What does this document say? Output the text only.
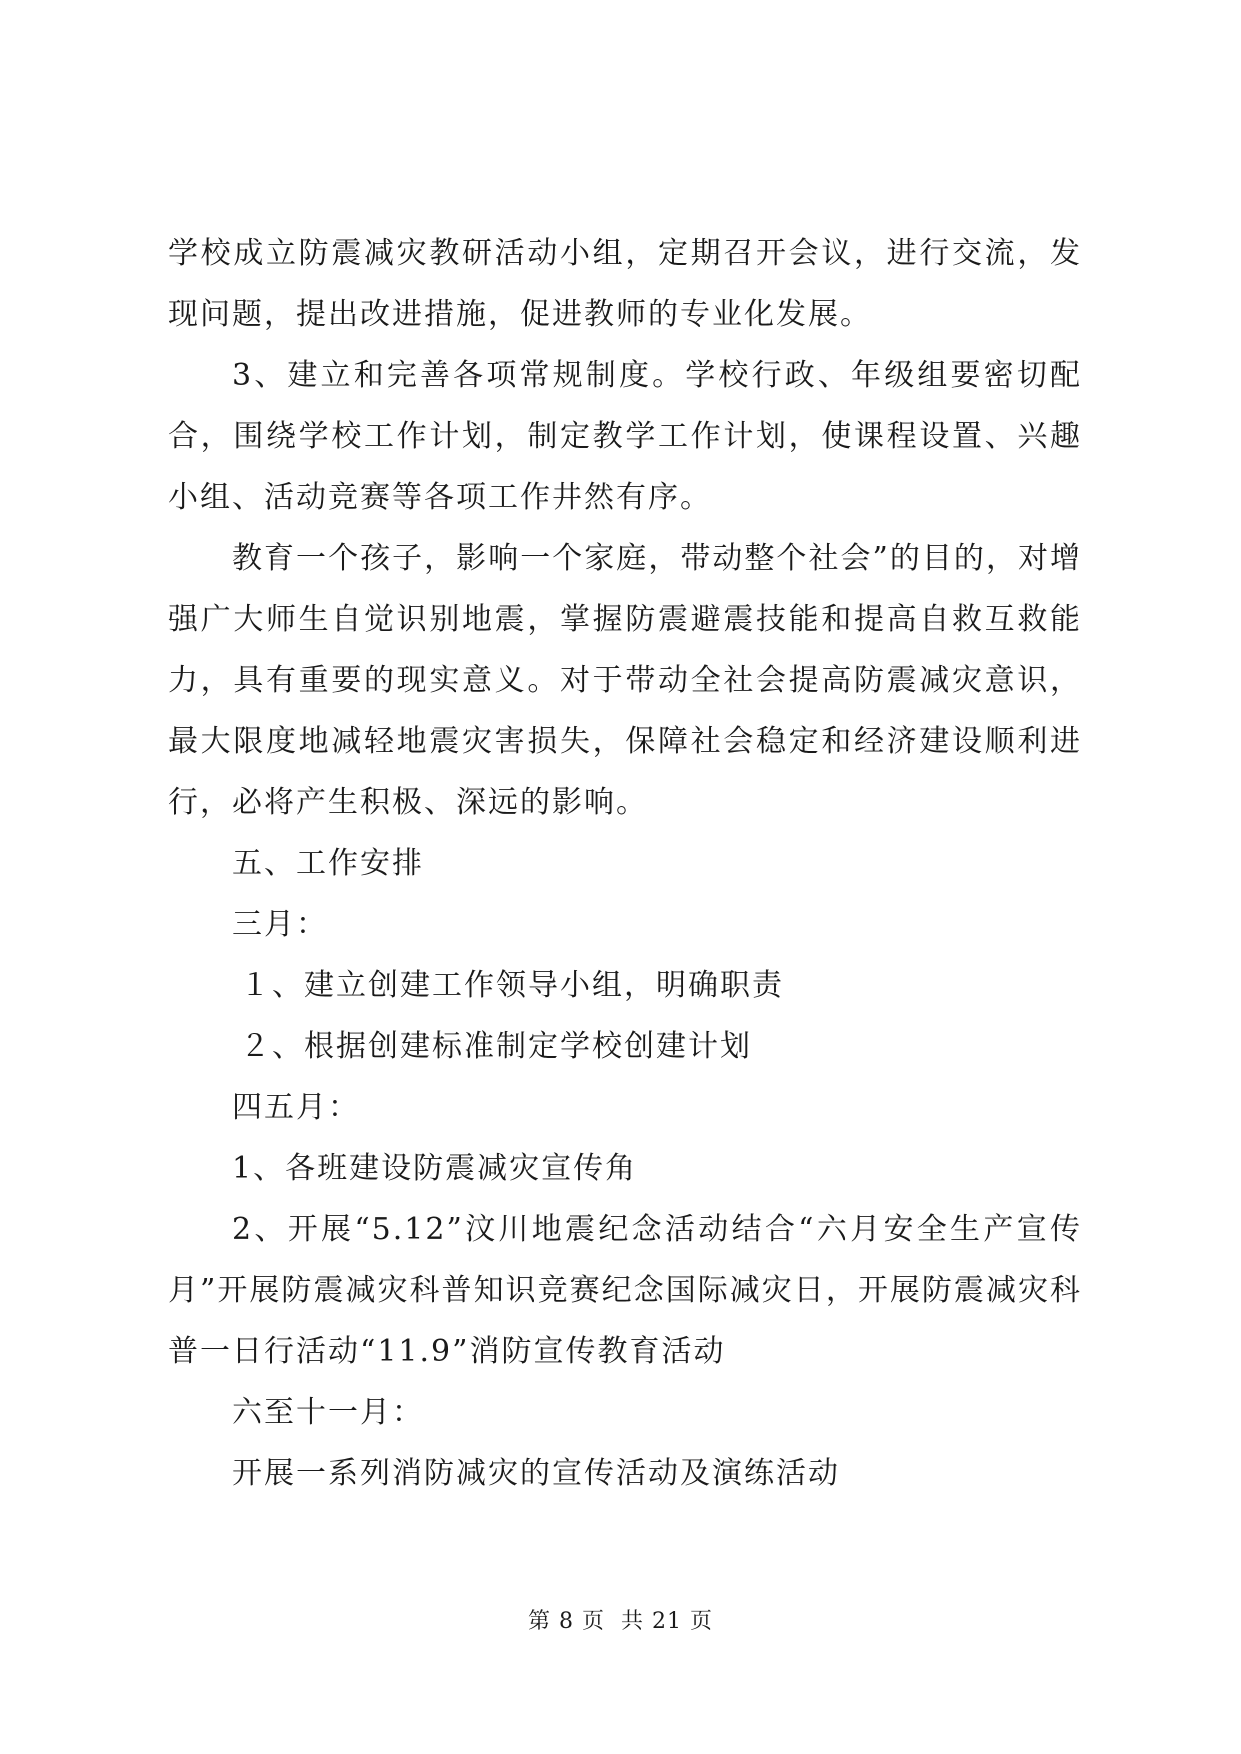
学校成立防震减灾教研活动小组，定期召开会议，进行交流，发现问题，提出改进措施，促进教师的专业化发展。

3、建立和完善各项常规制度。学校行政、年级组要密切配合，围绕学校工作计划，制定教学工作计划，使课程设置、兴趣小组、活动竞赛等各项工作井然有序。

教育一个孩子，影响一个家庭，带动整个社会”的目的，对增强广大师生自觉识别地震，掌握防震避震技能和提高自救互救能力，具有重要的现实意义。对于带动全社会提高防震减灾意识，最大限度地减轻地震灾害损失，保障社会稳定和经济建设顺利进行，必将产生积极、深远的影响。

五、工作安排

三月：

１、建立创建工作领导小组，明确职责

２、根据创建标准制定学校创建计划

四五月：

1、各班建设防震减灾宣传角

2、开展“5.12”汶川地震纪念活动结合“六月安全生产宣传月”开展防震减灾科普知识竞赛纪念国际减灾日，开展防震减灾科普一日行活动“11.9”消防宣传教育活动

六至十一月：

开展一系列消防减灾的宣传活动及演练活动

第 8 页 共 21 页
